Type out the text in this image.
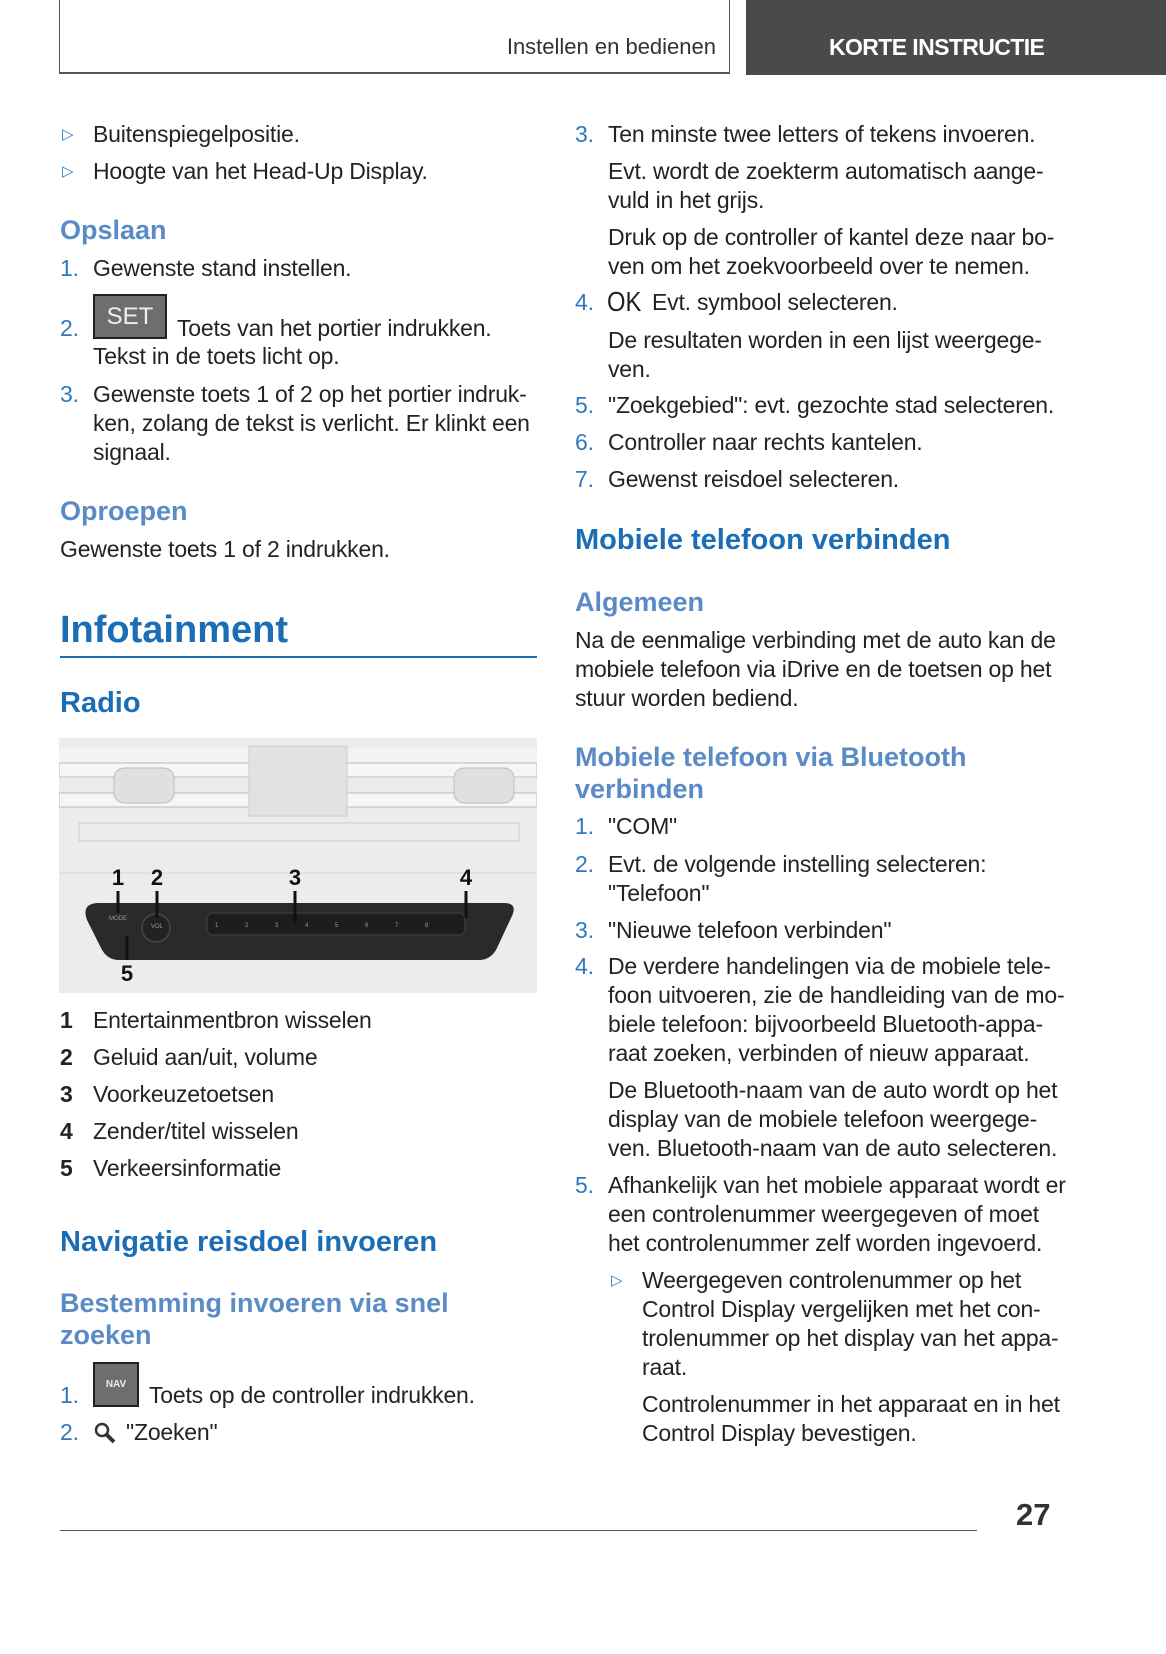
Instellen en bedienen	KORTE INSTRUCTIE
▷ Buitenspiegelpositie.
▷ Hoogte van het Head-Up Display.
Opslaan
1. Gewenste stand instellen.
2. SET Toets van het portier indrukken.
Tekst in de toets licht op.
3. Gewenste toets 1 of 2 op het portier indruk-
ken, zolang de tekst is verlicht. Er klinkt een
signaal.
Oproepen
Gewenste toets 1 of 2 indrukken.
Infotainment
Radio
MODE
VOL	1	2	3	4	5	6	7	8
1 2	3	4
5
1 Entertainmentbron wisselen
2 Geluid aan/uit, volume
3 Voorkeuzetoetsen
4 Zender/titel wisselen
5 Verkeersinformatie
Navigatie reisdoel invoeren
Bestemming invoeren via snel
zoeken
1.	NAV Toets op de controller indrukken.
2. "Zoeken"
3. Ten minste twee letters of tekens invoeren.
Evt. wordt de zoekterm automatisch aange-
vuld in het grijs.
Druk op de controller of kantel deze naar bo-
ven om het zoekvoorbeeld over te nemen.
4. OK Evt. symbool selecteren.
De resultaten worden in een lijst weergege-
ven.
5. "Zoekgebied": evt. gezochte stad selecteren.
6. Controller naar rechts kantelen.
7. Gewenst reisdoel selecteren.
Mobiele telefoon verbinden
Algemeen
Na de eenmalige verbinding met de auto kan de
mobiele telefoon via iDrive en de toetsen op het
stuur worden bediend.
Mobiele telefoon via Bluetooth
verbinden
1. "COM"
2. Evt. de volgende instelling selecteren:
"Telefoon"
3. "Nieuwe telefoon verbinden"
4. De verdere handelingen via de mobiele tele-
foon uitvoeren, zie de handleiding van de mo-
biele telefoon: bijvoorbeeld Bluetooth-appa-
raat zoeken, verbinden of nieuw apparaat.
De Bluetooth-naam van de auto wordt op het
display van de mobiele telefoon weergege-
ven. Bluetooth-naam van de auto selecteren.
5. Afhankelijk van het mobiele apparaat wordt er
een controlenummer weergegeven of moet
het controlenummer zelf worden ingevoerd.
▷ Weergegeven controlenummer op het
Control Display vergelijken met het con-
trolenummer op het display van het appa-
raat.
Controlenummer in het apparaat en in het
Control Display bevestigen.
27
